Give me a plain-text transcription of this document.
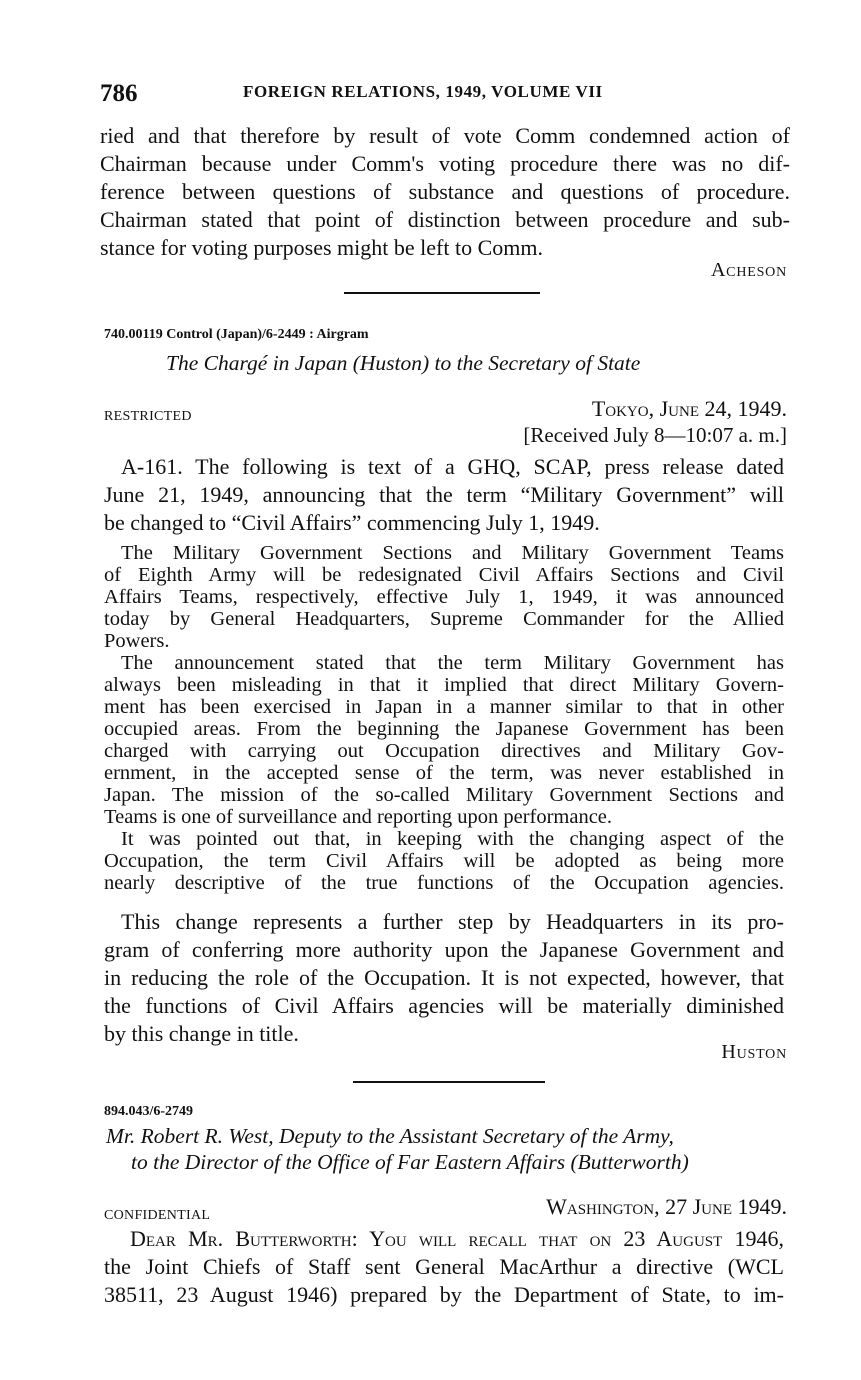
786	FOREIGN RELATIONS, 1949, VOLUME VII
ried and that therefore by result of vote Comm condemned action of
Chairman because under Comm's voting procedure there was no dif-
ference between questions of substance and questions of procedure.
Chairman stated that point of distinction between procedure and sub-
stance for voting purposes might be left to Comm.
Acheson
740.00119 Control (Japan)/6-2449 : Airgram
The Chargé in Japan (Huston) to the Secretary of State
RESTRICTED	Tokyo, June 24, 1949.
[Received July 8—10:07 a. m.]
A-161. The following is text of a GHQ, SCAP, press release dated
June 21, 1949, announcing that the term “Military Government” will
be changed to “Civil Affairs” commencing July 1, 1949.
The Military Government Sections and Military Government Teams
of Eighth Army will be redesignated Civil Affairs Sections and Civil
Affairs Teams, respectively, effective July 1, 1949, it was announced
today by General Headquarters, Supreme Commander for the Allied
Powers.
The announcement stated that the term Military Government has
always been misleading in that it implied that direct Military Govern-
ment has been exercised in Japan in a manner similar to that in other
occupied areas. From the beginning the Japanese Government has been
charged with carrying out Occupation directives and Military Gov-
ernment, in the accepted sense of the term, was never established in
Japan. The mission of the so-called Military Government Sections and
Teams is one of surveillance and reporting upon performance.
It was pointed out that, in keeping with the changing aspect of the
Occupation, the term Civil Affairs will be adopted as being more
nearly descriptive of the true functions of the Occupation agencies.
This change represents a further step by Headquarters in its pro-
gram of conferring more authority upon the Japanese Government and
in reducing the role of the Occupation. It is not expected, however, that
the functions of Civil Affairs agencies will be materially diminished
by this change in title.
Huston
894.043/6-2749
Mr. Robert R. West, Deputy to the Assistant Secretary of the Army,
to the Director of the Office of Far Eastern Affairs (Butterworth)
CONFIDENTIAL	Washington, 27 June 1949.
Dear Mr. Butterworth: You will recall that on 23 August 1946,
the Joint Chiefs of Staff sent General MacArthur a directive (WCL
38511, 23 August 1946) prepared by the Department of State, to im-
